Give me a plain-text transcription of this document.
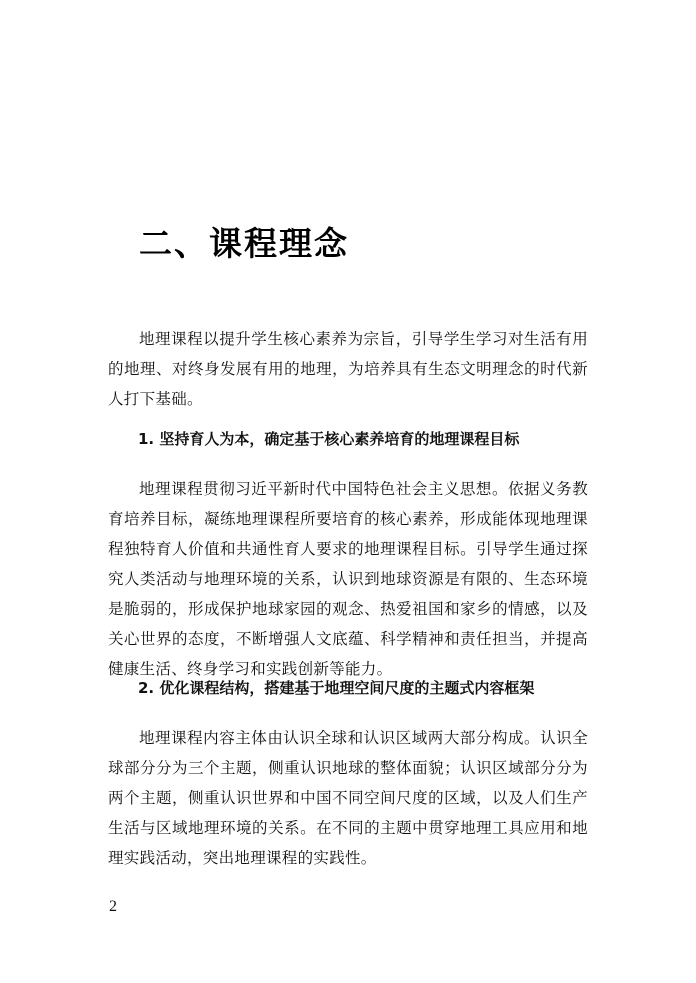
二、课程理念

地理课程以提升学生核心素养为宗旨，引导学生学习对生活有用的地理、对终身发展有用的地理，为培养具有生态文明理念的时代新人打下基础。

1. 坚持育人为本，确定基于核心素养培育的地理课程目标

地理课程贯彻习近平新时代中国特色社会主义思想。依据义务教育培养目标，凝练地理课程所要培育的核心素养，形成能体现地理课程独特育人价值和共通性育人要求的地理课程目标。引导学生通过探究人类活动与地理环境的关系，认识到地球资源是有限的、生态环境是脆弱的，形成保护地球家园的观念、热爱祖国和家乡的情感，以及关心世界的态度，不断增强人文底蕴、科学精神和责任担当，并提高健康生活、终身学习和实践创新等能力。

2. 优化课程结构，搭建基于地理空间尺度的主题式内容框架

地理课程内容主体由认识全球和认识区域两大部分构成。认识全球部分分为三个主题，侧重认识地球的整体面貌；认识区域部分分为两个主题，侧重认识世界和中国不同空间尺度的区域，以及人们生产生活与区域地理环境的关系。在不同的主题中贯穿地理工具应用和地理实践活动，突出地理课程的实践性。

2
